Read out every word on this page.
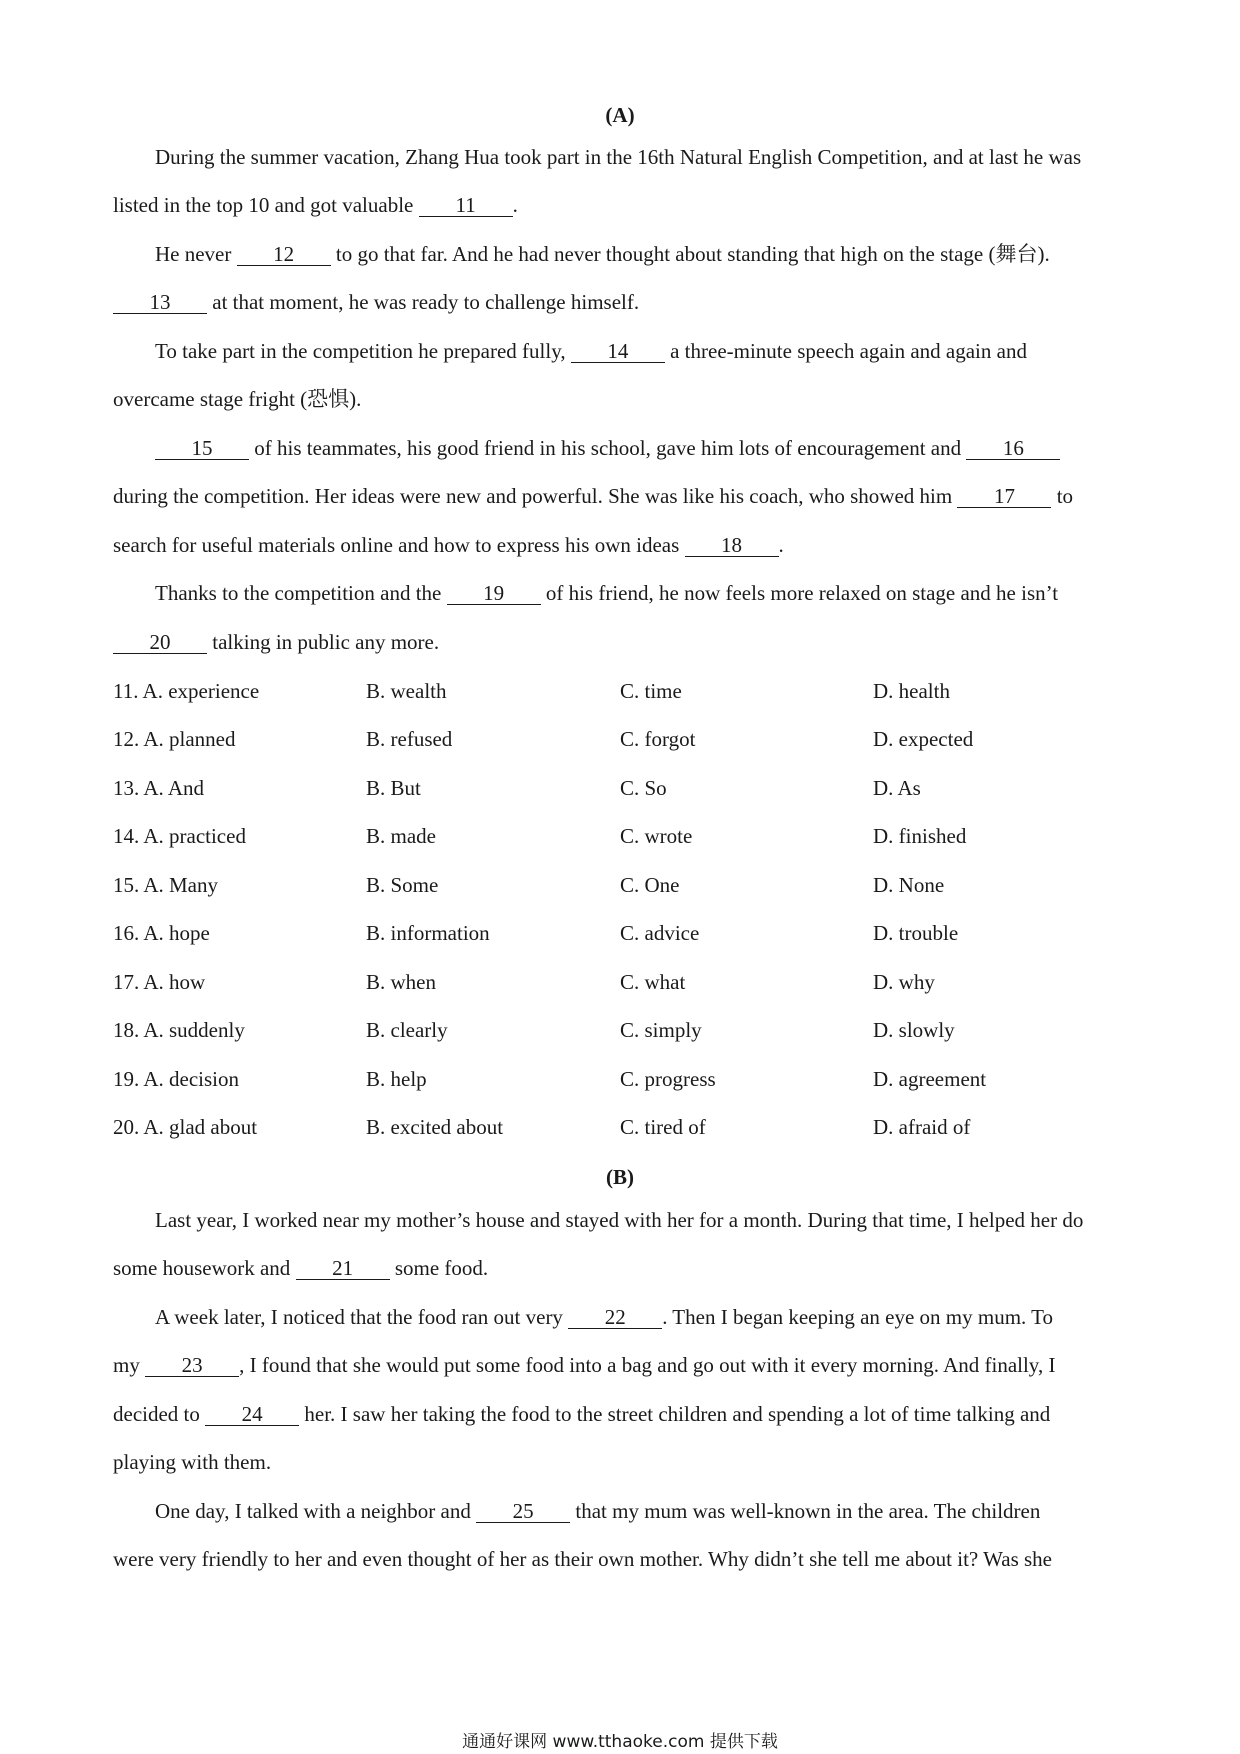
(A)
During the summer vacation, Zhang Hua took part in the 16th Natural English Competition, and at last he was
listed in the top 10 and got valuable 11 .
He never 12 to go that far. And he had never thought about standing that high on the stage (舞台).
13 at that moment, he was ready to challenge himself.
To take part in the competition he prepared fully, 14 a three-minute speech again and again and
overcame stage fright (恐惧).
15 of his teammates, his good friend in his school, gave him lots of encouragement and 16
during the competition. Her ideas were new and powerful. She was like his coach, who showed him 17 to
search for useful materials online and how to express his own ideas 18 .
Thanks to the competition and the 19 of his friend, he now feels more relaxed on stage and he isn’t
20 talking in public any more.
11. A. experience	B. wealth	C. time	D. health
12. A. planned	B. refused	C. forgot	D. expected
13. A. And	B. But	C. So	D. As
14. A. practiced	B. made	C. wrote	D. finished
15. A. Many	B. Some	C. One	D. None
16. A. hope	B. information	C. advice	D. trouble
17. A. how	B. when	C. what	D. why
18. A. suddenly	B. clearly	C. simply	D. slowly
19. A. decision	B. help	C. progress	D. agreement
20. A. glad about	B. excited about	C. tired of	D. afraid of
(B)
Last year, I worked near my mother’s house and stayed with her for a month. During that time, I helped her do
some housework and 21 some food.
A week later, I noticed that the food ran out very 22 . Then I began keeping an eye on my mum. To
my 23 , I found that she would put some food into a bag and go out with it every morning. And finally, I
decided to 24 her. I saw her taking the food to the street children and spending a lot of time talking and
playing with them.
One day, I talked with a neighbor and 25 that my mum was well-known in the area. The children
were very friendly to her and even thought of her as their own mother. Why didn’t she tell me about it? Was she
通通好课网 www.tthaoke.com 提供下载
